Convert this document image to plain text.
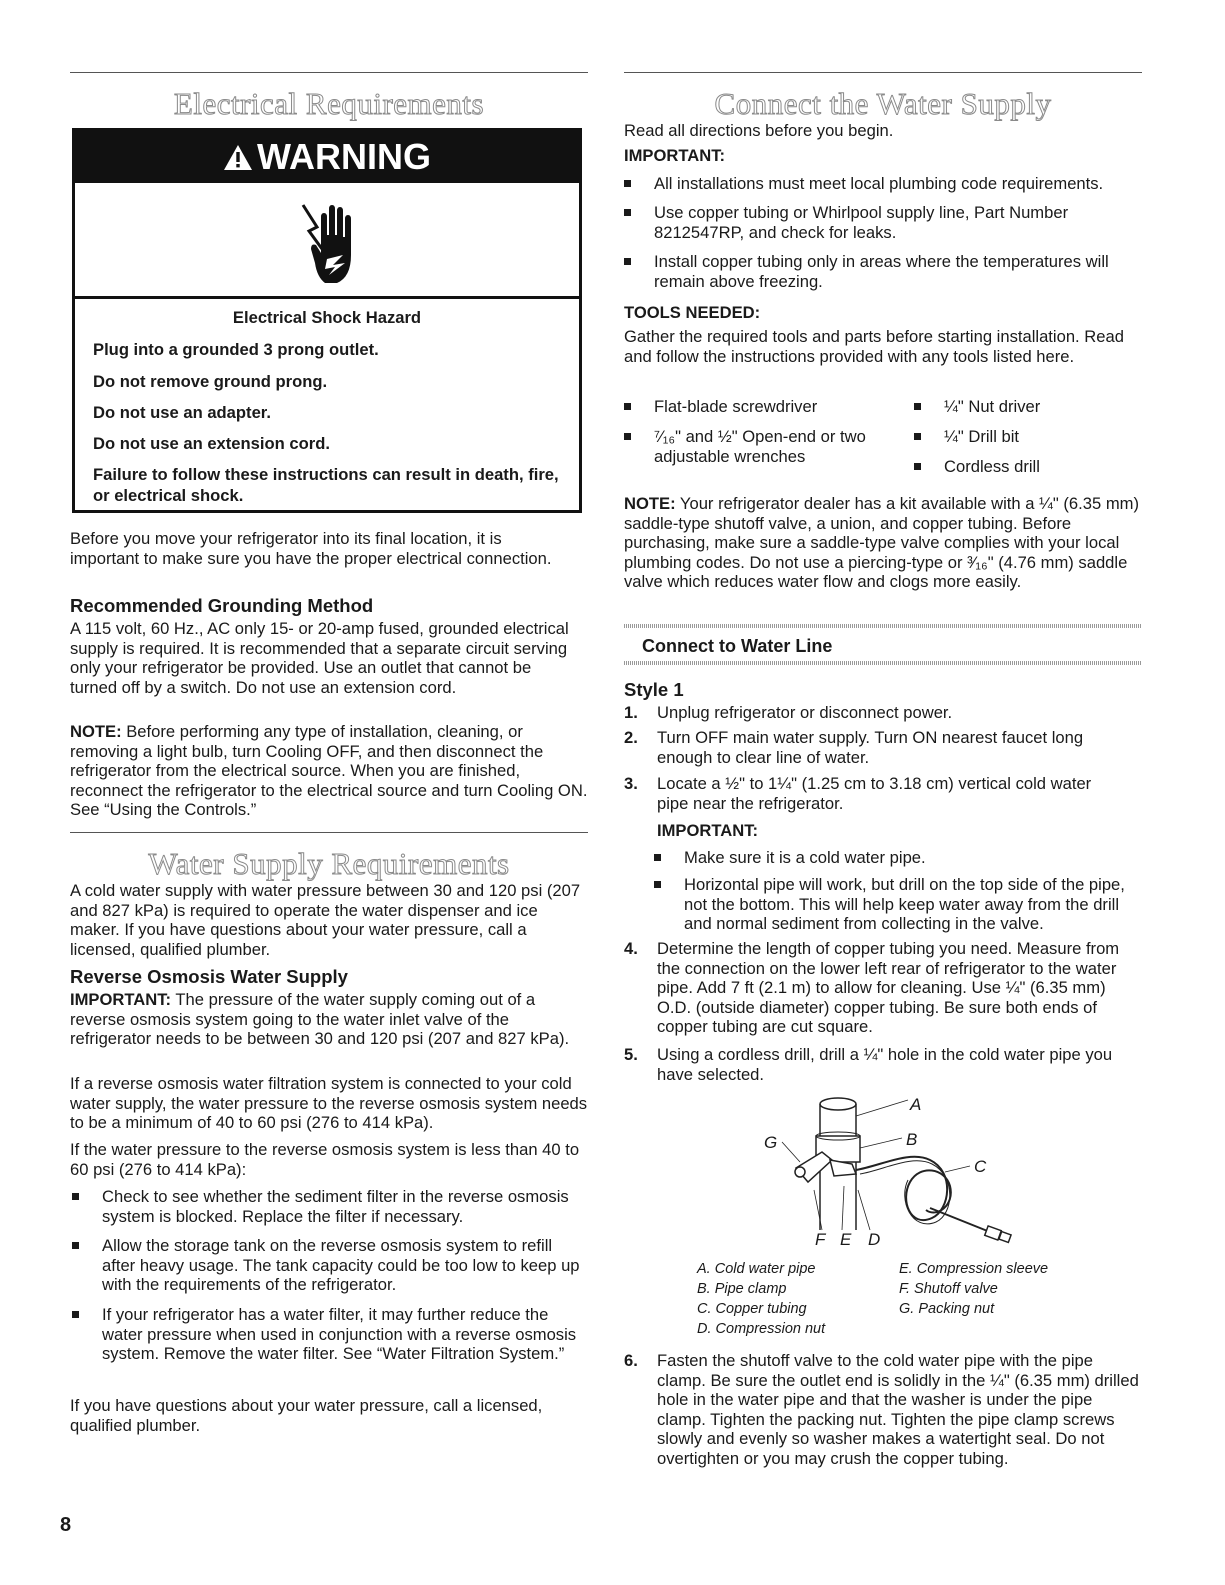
Electrical Requirements
WARNING
Electrical Shock Hazard
Plug into a grounded 3 prong outlet.
Do not remove ground prong.
Do not use an adapter.
Do not use an extension cord.
Failure to follow these instructions can result in death, fire, or electrical shock.

Before you move your refrigerator into its final location, it is important to make sure you have the proper electrical connection.

Recommended Grounding Method

A 115 volt, 60 Hz., AC only 15- or 20-amp fused, grounded electrical supply is required. It is recommended that a separate circuit serving only your refrigerator be provided. Use an outlet that cannot be turned off by a switch. Do not use an extension cord.

NOTE: Before performing any type of installation, cleaning, or removing a light bulb, turn Cooling OFF, and then disconnect the refrigerator from the electrical source. When you are finished, reconnect the refrigerator to the electrical source and turn Cooling ON. See “Using the Controls.”

Water Supply Requirements

A cold water supply with water pressure between 30 and 120 psi (207 and 827 kPa) is required to operate the water dispenser and ice maker. If you have questions about your water pressure, call a licensed, qualified plumber.

Reverse Osmosis Water Supply

IMPORTANT: The pressure of the water supply coming out of a reverse osmosis system going to the water inlet valve of the refrigerator needs to be between 30 and 120 psi (207 and 827 kPa).

If a reverse osmosis water filtration system is connected to your cold water supply, the water pressure to the reverse osmosis system needs to be a minimum of 40 to 60 psi (276 to 414 kPa).

If the water pressure to the reverse osmosis system is less than 40 to 60 psi (276 to 414 kPa):

Check to see whether the sediment filter in the reverse osmosis system is blocked. Replace the filter if necessary.
Allow the storage tank on the reverse osmosis system to refill after heavy usage. The tank capacity could be too low to keep up with the requirements of the refrigerator.
If your refrigerator has a water filter, it may further reduce the water pressure when used in conjunction with a reverse osmosis system. Remove the water filter. See “Water Filtration System.”

If you have questions about your water pressure, call a licensed, qualified plumber.

8
Connect the Water Supply

Read all directions before you begin.

IMPORTANT:

All installations must meet local plumbing code requirements.
Use copper tubing or Whirlpool supply line, Part Number 8212547RP, and check for leaks.
Install copper tubing only in areas where the temperatures will remain above freezing.

TOOLS NEEDED:

Gather the required tools and parts before starting installation. Read and follow the instructions provided with any tools listed here.

Flat-blade screwdriver
⁷⁄₁₆" and ½" Open-end or two adjustable wrenches
¼" Nut driver
¼" Drill bit
Cordless drill

NOTE: Your refrigerator dealer has a kit available with a ¼" (6.35 mm) saddle-type shutoff valve, a union, and copper tubing. Before purchasing, make sure a saddle-type valve complies with your local plumbing codes. Do not use a piercing-type or ³⁄₁₆" (4.76 mm) saddle valve which reduces water flow and clogs more easily.

Connect to Water Line
Style 1
1. Unplug refrigerator or disconnect power.
2. Turn OFF main water supply. Turn ON nearest faucet long enough to clear line of water.
3. Locate a ½" to 1¼" (1.25 cm to 3.18 cm) vertical cold water pipe near the refrigerator.

IMPORTANT:

Make sure it is a cold water pipe.
Horizontal pipe will work, but drill on the top side of the pipe, not the bottom. This will help keep water away from the drill and normal sediment from collecting in the valve.
4. Determine the length of copper tubing you need. Measure from the connection on the lower left rear of refrigerator to the water pipe. Add 7 ft (2.1 m) to allow for cleaning. Use ¼" (6.35 mm) O.D. (outside diameter) copper tubing. Be sure both ends of copper tubing are cut square.
5. Using a cordless drill, drill a ¼" hole in the cold water pipe you have selected.
A
B
C
D
E
F
G
A. Cold water pipe
B. Pipe clamp
C. Copper tubing
D. Compression nut
E. Compression sleeve
F. Shutoff valve
G. Packing nut
6. Fasten the shutoff valve to the cold water pipe with the pipe clamp. Be sure the outlet end is solidly in the ¼" (6.35 mm) drilled hole in the water pipe and that the washer is under the pipe clamp. Tighten the packing nut. Tighten the pipe clamp screws slowly and evenly so washer makes a watertight seal. Do not overtighten or you may crush the copper tubing.
